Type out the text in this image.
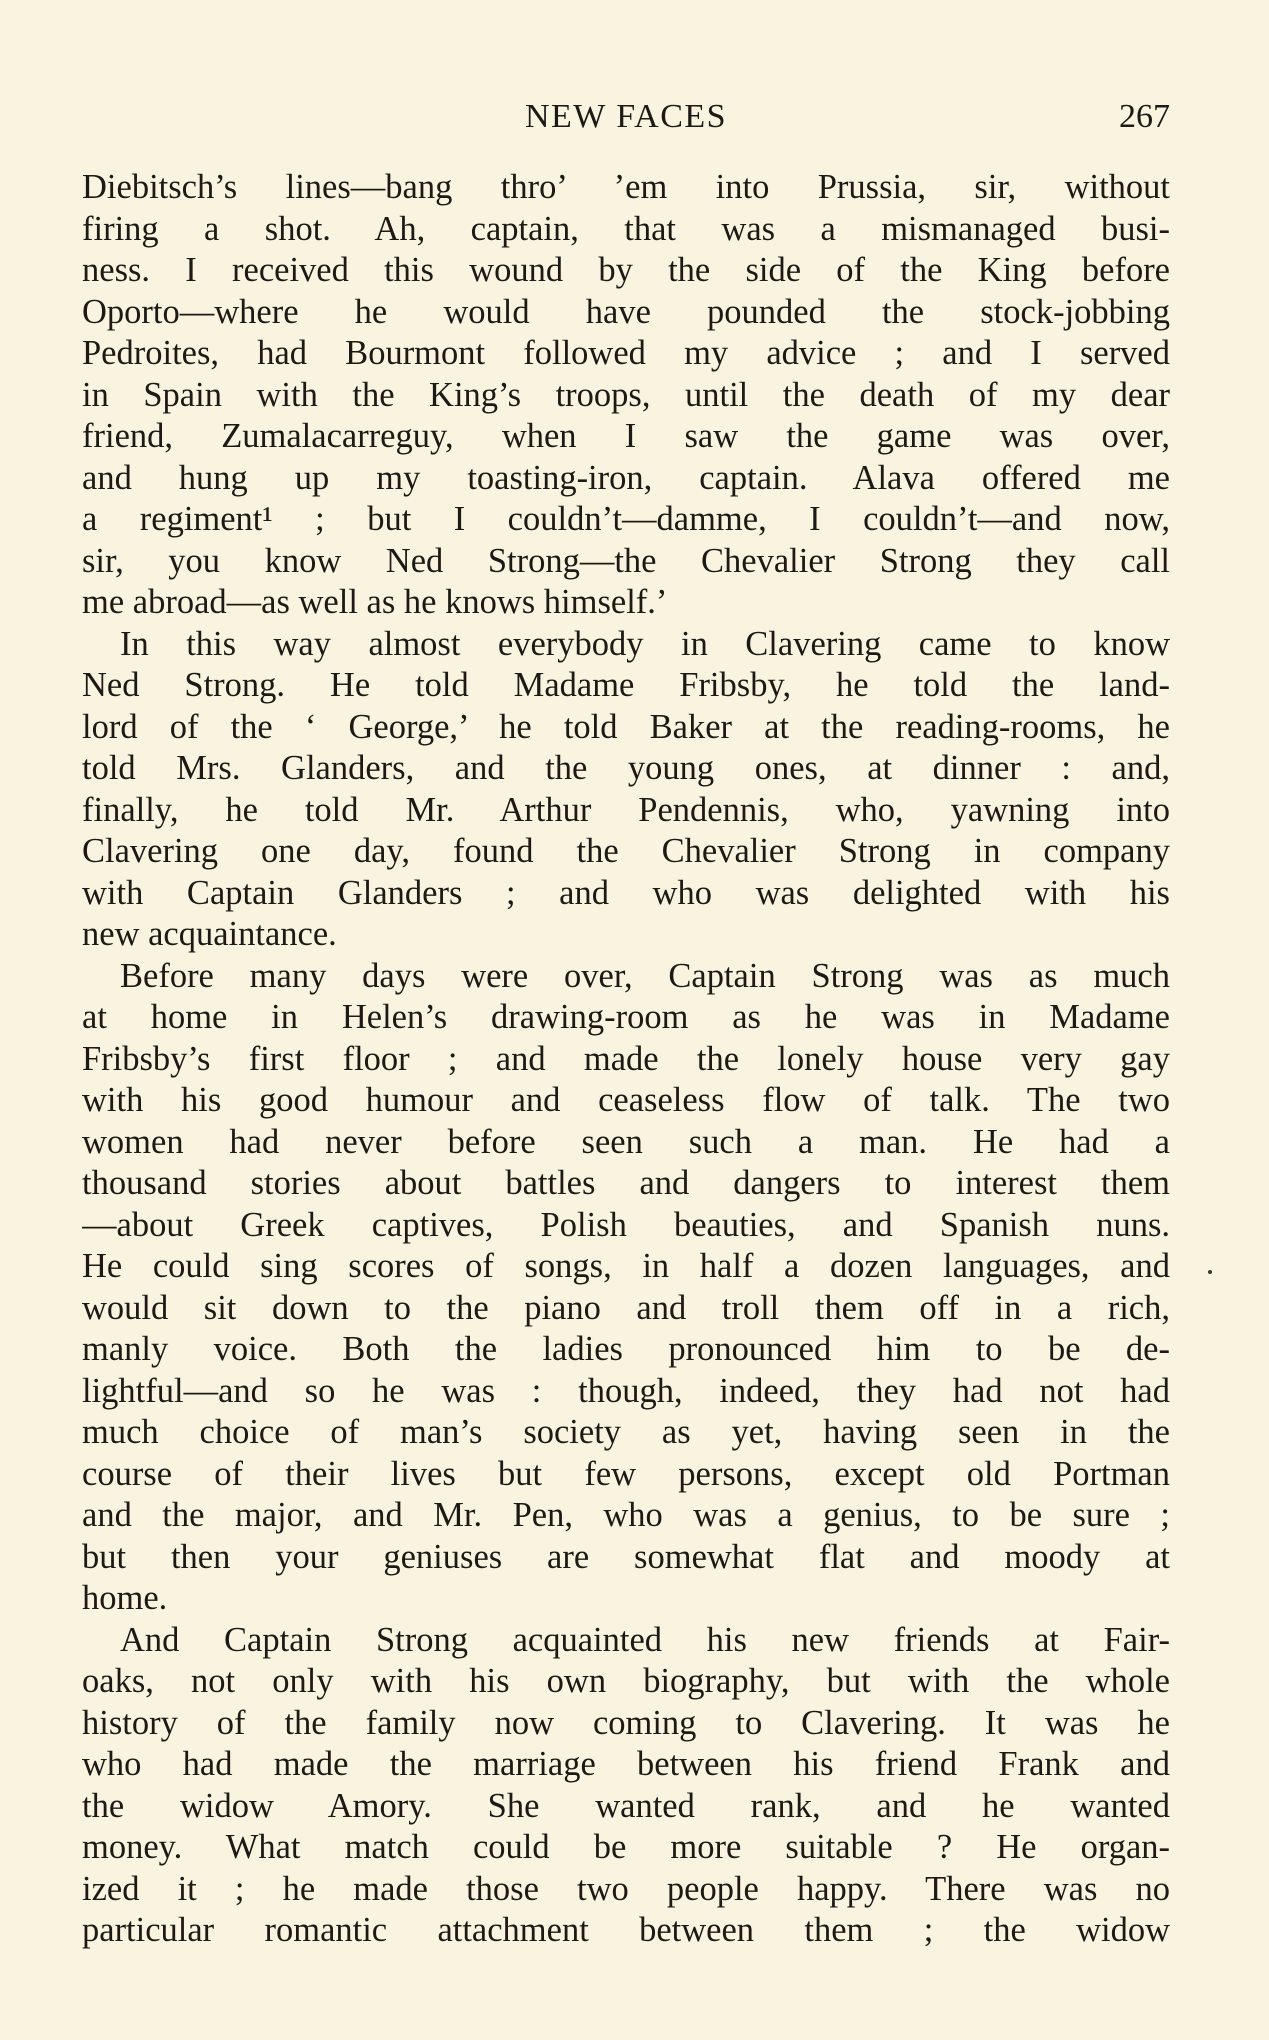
NEW FACES	267
Diebitsch’s lines—bang thro’ ’em into Prussia, sir, without
firing a shot. Ah, captain, that was a mismanaged busi-
ness. I received this wound by the side of the King before
Oporto—where he would have pounded the stock-jobbing
Pedroites, had Bourmont followed my advice ; and I served
in Spain with the King’s troops, until the death of my dear
friend, Zumalacarreguy, when I saw the game was over,
and hung up my toasting-iron, captain. Alava offered me
a regiment¹ ; but I couldn’t—damme, I couldn’t—and now,
sir, you know Ned Strong—the Chevalier Strong they call
me abroad—as well as he knows himself.’
In this way almost everybody in Clavering came to know
Ned Strong. He told Madame Fribsby, he told the land-
lord of the ‘ George,’ he told Baker at the reading-rooms, he
told Mrs. Glanders, and the young ones, at dinner : and,
finally, he told Mr. Arthur Pendennis, who, yawning into
Clavering one day, found the Chevalier Strong in company
with Captain Glanders ; and who was delighted with his
new acquaintance.
Before many days were over, Captain Strong was as much
at home in Helen’s drawing-room as he was in Madame
Fribsby’s first floor ; and made the lonely house very gay
with his good humour and ceaseless flow of talk. The two
women had never before seen such a man. He had a
thousand stories about battles and dangers to interest them
—about Greek captives, Polish beauties, and Spanish nuns.
He could sing scores of songs, in half a dozen languages, and
would sit down to the piano and troll them off in a rich,
manly voice. Both the ladies pronounced him to be de-
lightful—and so he was : though, indeed, they had not had
much choice of man’s society as yet, having seen in the
course of their lives but few persons, except old Portman
and the major, and Mr. Pen, who was a genius, to be sure ;
but then your geniuses are somewhat flat and moody at
home.
And Captain Strong acquainted his new friends at Fair-
oaks, not only with his own biography, but with the whole
history of the family now coming to Clavering. It was he
who had made the marriage between his friend Frank and
the widow Amory. She wanted rank, and he wanted
money. What match could be more suitable ? He organ-
ized it ; he made those two people happy. There was no
particular romantic attachment between them ; the widow
